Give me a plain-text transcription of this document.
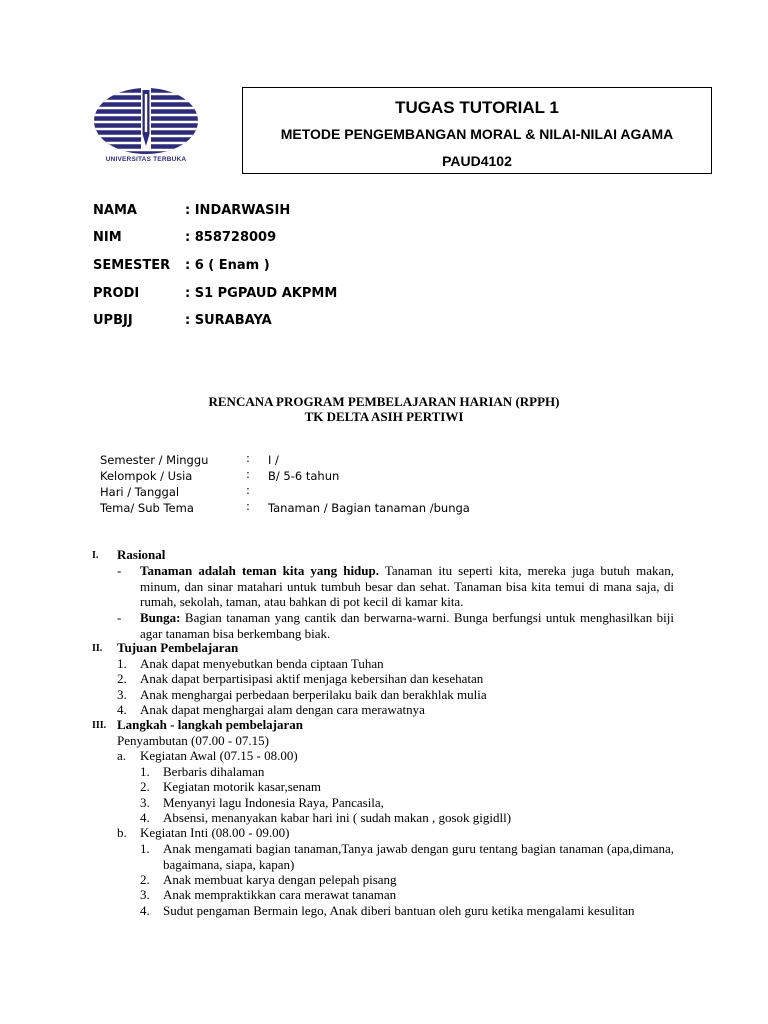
UNIVERSITAS TERBUKA
TUGAS TUTORIAL 1
METODE PENGEMBANGAN MORAL & NILAI-NILAI AGAMA
PAUD4102
NAMA	: INDARWASIH
NIM	: 858728009
SEMESTER : 6 ( Enam )
PRODI	: S1 PGPAUD AKPMM
UPBJJ	: SURABAYA
RENCANA PROGRAM PEMBELAJARAN HARIAN (RPPH)
TK DELTA ASIH PERTIWI
Semester / Minggu	: I /
Kelompok / Usia	: B/ 5-6 tahun
Hari / Tanggal	:
Tema/ Sub Tema	: Tanaman / Bagian tanaman /bunga
I. Rasional
- Tanaman adalah teman kita yang hidup. Tanaman itu seperti kita, mereka juga butuh makan, minum, dan sinar matahari untuk tumbuh besar dan sehat. Tanaman bisa kita temui di mana saja, di rumah, sekolah, taman, atau bahkan di pot kecil di kamar kita.
- Bunga: Bagian tanaman yang cantik dan berwarna-warni. Bunga berfungsi untuk menghasilkan biji agar tanaman bisa berkembang biak.
II. Tujuan Pembelajaran
1. Anak dapat menyebutkan benda ciptaan Tuhan
2. Anak dapat berpartisipasi aktif menjaga kebersihan dan kesehatan
3. Anak menghargai perbedaan berperilaku baik dan berakhlak mulia
4. Anak dapat menghargai alam dengan cara merawatnya
III. Langkah - langkah pembelajaran
Penyambutan (07.00 - 07.15)
a. Kegiatan Awal (07.15 - 08.00)
1. Berbaris dihalaman
2. Kegiatan motorik kasar,senam
3. Menyanyi lagu Indonesia Raya, Pancasila,
4. Absensi, menanyakan kabar hari ini ( sudah makan , gosok gigidll)
b. Kegiatan Inti (08.00 - 09.00)
1. Anak mengamati bagian tanaman,Tanya jawab dengan guru tentang bagian tanaman (apa,dimana, bagaimana, siapa, kapan)
2. Anak membuat karya dengan pelepah pisang
3. Anak mempraktikkan cara merawat tanaman
4. Sudut pengaman Bermain lego, Anak diberi bantuan oleh guru ketika mengalami kesulitan
